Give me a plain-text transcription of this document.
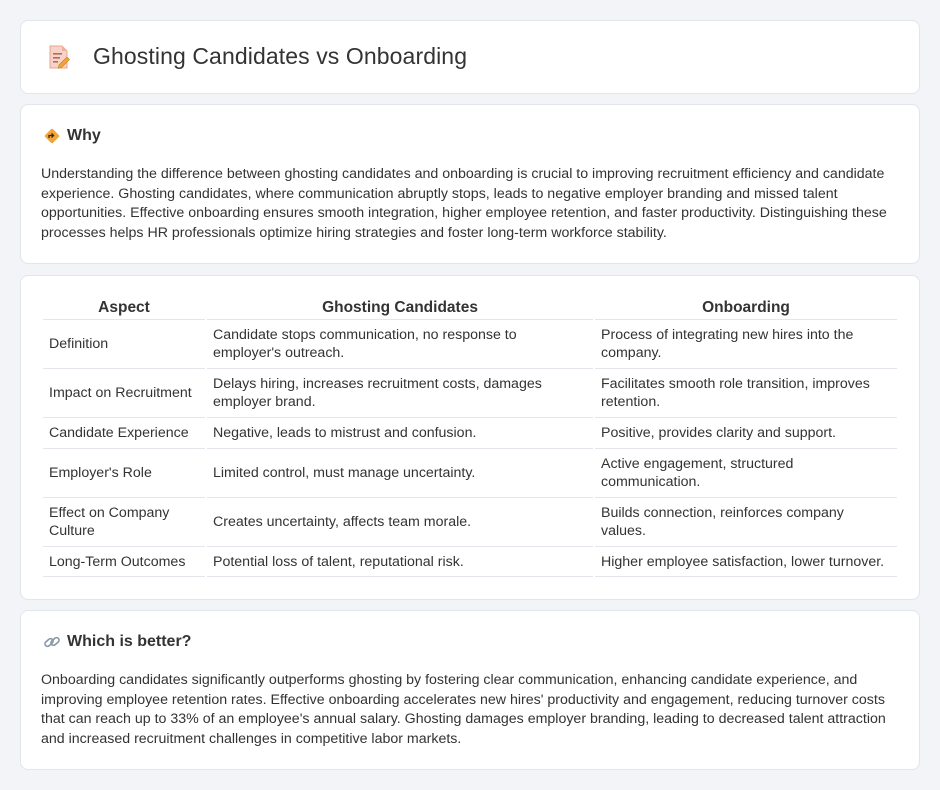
Ghosting Candidates vs Onboarding
Why

Understanding the difference between ghosting candidates and onboarding is crucial to improving recruitment efficiency and candidate experience. Ghosting candidates, where communication abruptly stops, leads to negative employer branding and missed talent opportunities. Effective onboarding ensures smooth integration, higher employee retention, and faster productivity. Distinguishing these processes helps HR professionals optimize hiring strategies and foster long-term workforce stability.

Aspect	Ghosting Candidates	Onboarding
Definition	Candidate stops communication, no response to employer's outreach.	Process of integrating new hires into the company.
Impact on Recruitment	Delays hiring, increases recruitment costs, damages employer brand.	Facilitates smooth role transition, improves retention.
Candidate Experience	Negative, leads to mistrust and confusion.	Positive, provides clarity and support.
Employer's Role	Limited control, must manage uncertainty.	Active engagement, structured communication.
Effect on Company Culture	Creates uncertainty, affects team morale.	Builds connection, reinforces company values.
Long-Term Outcomes	Potential loss of talent, reputational risk.	Higher employee satisfaction, lower turnover.
Which is better?

Onboarding candidates significantly outperforms ghosting by fostering clear communication, enhancing candidate experience, and improving employee retention rates. Effective onboarding accelerates new hires' productivity and engagement, reducing turnover costs that can reach up to 33% of an employee's annual salary. Ghosting damages employer branding, leading to decreased talent attraction and increased recruitment challenges in competitive labor markets.
